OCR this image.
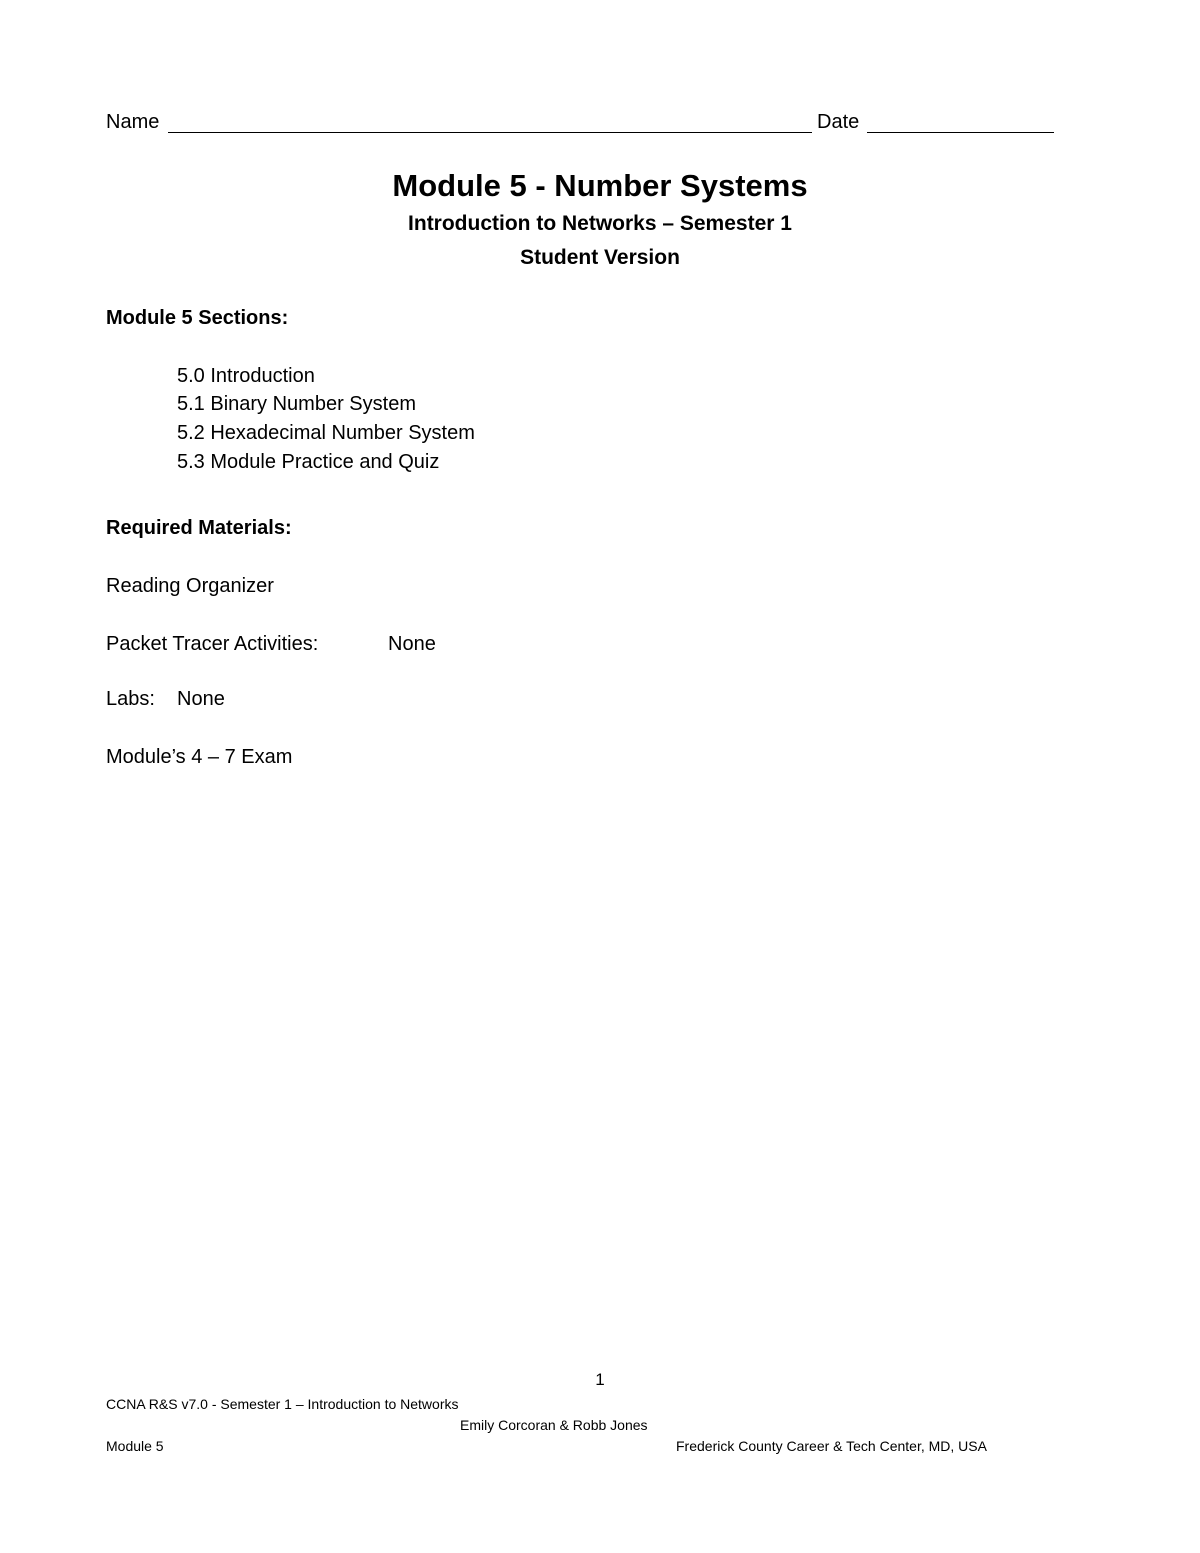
Name	Date
Module 5 - Number Systems
Introduction to Networks – Semester 1
Student Version
Module 5 Sections:
5.0 Introduction
5.1 Binary Number System
5.2 Hexadecimal Number System
5.3 Module Practice and Quiz
Required Materials:
Reading Organizer
Packet Tracer Activities:	None
Labs: None
Module’s 4 – 7 Exam
1
CCNA R&S v7.0 - Semester 1 – Introduction to Networks
Emily Corcoran & Robb Jones
Module 5	Frederick County Career & Tech Center, MD, USA
